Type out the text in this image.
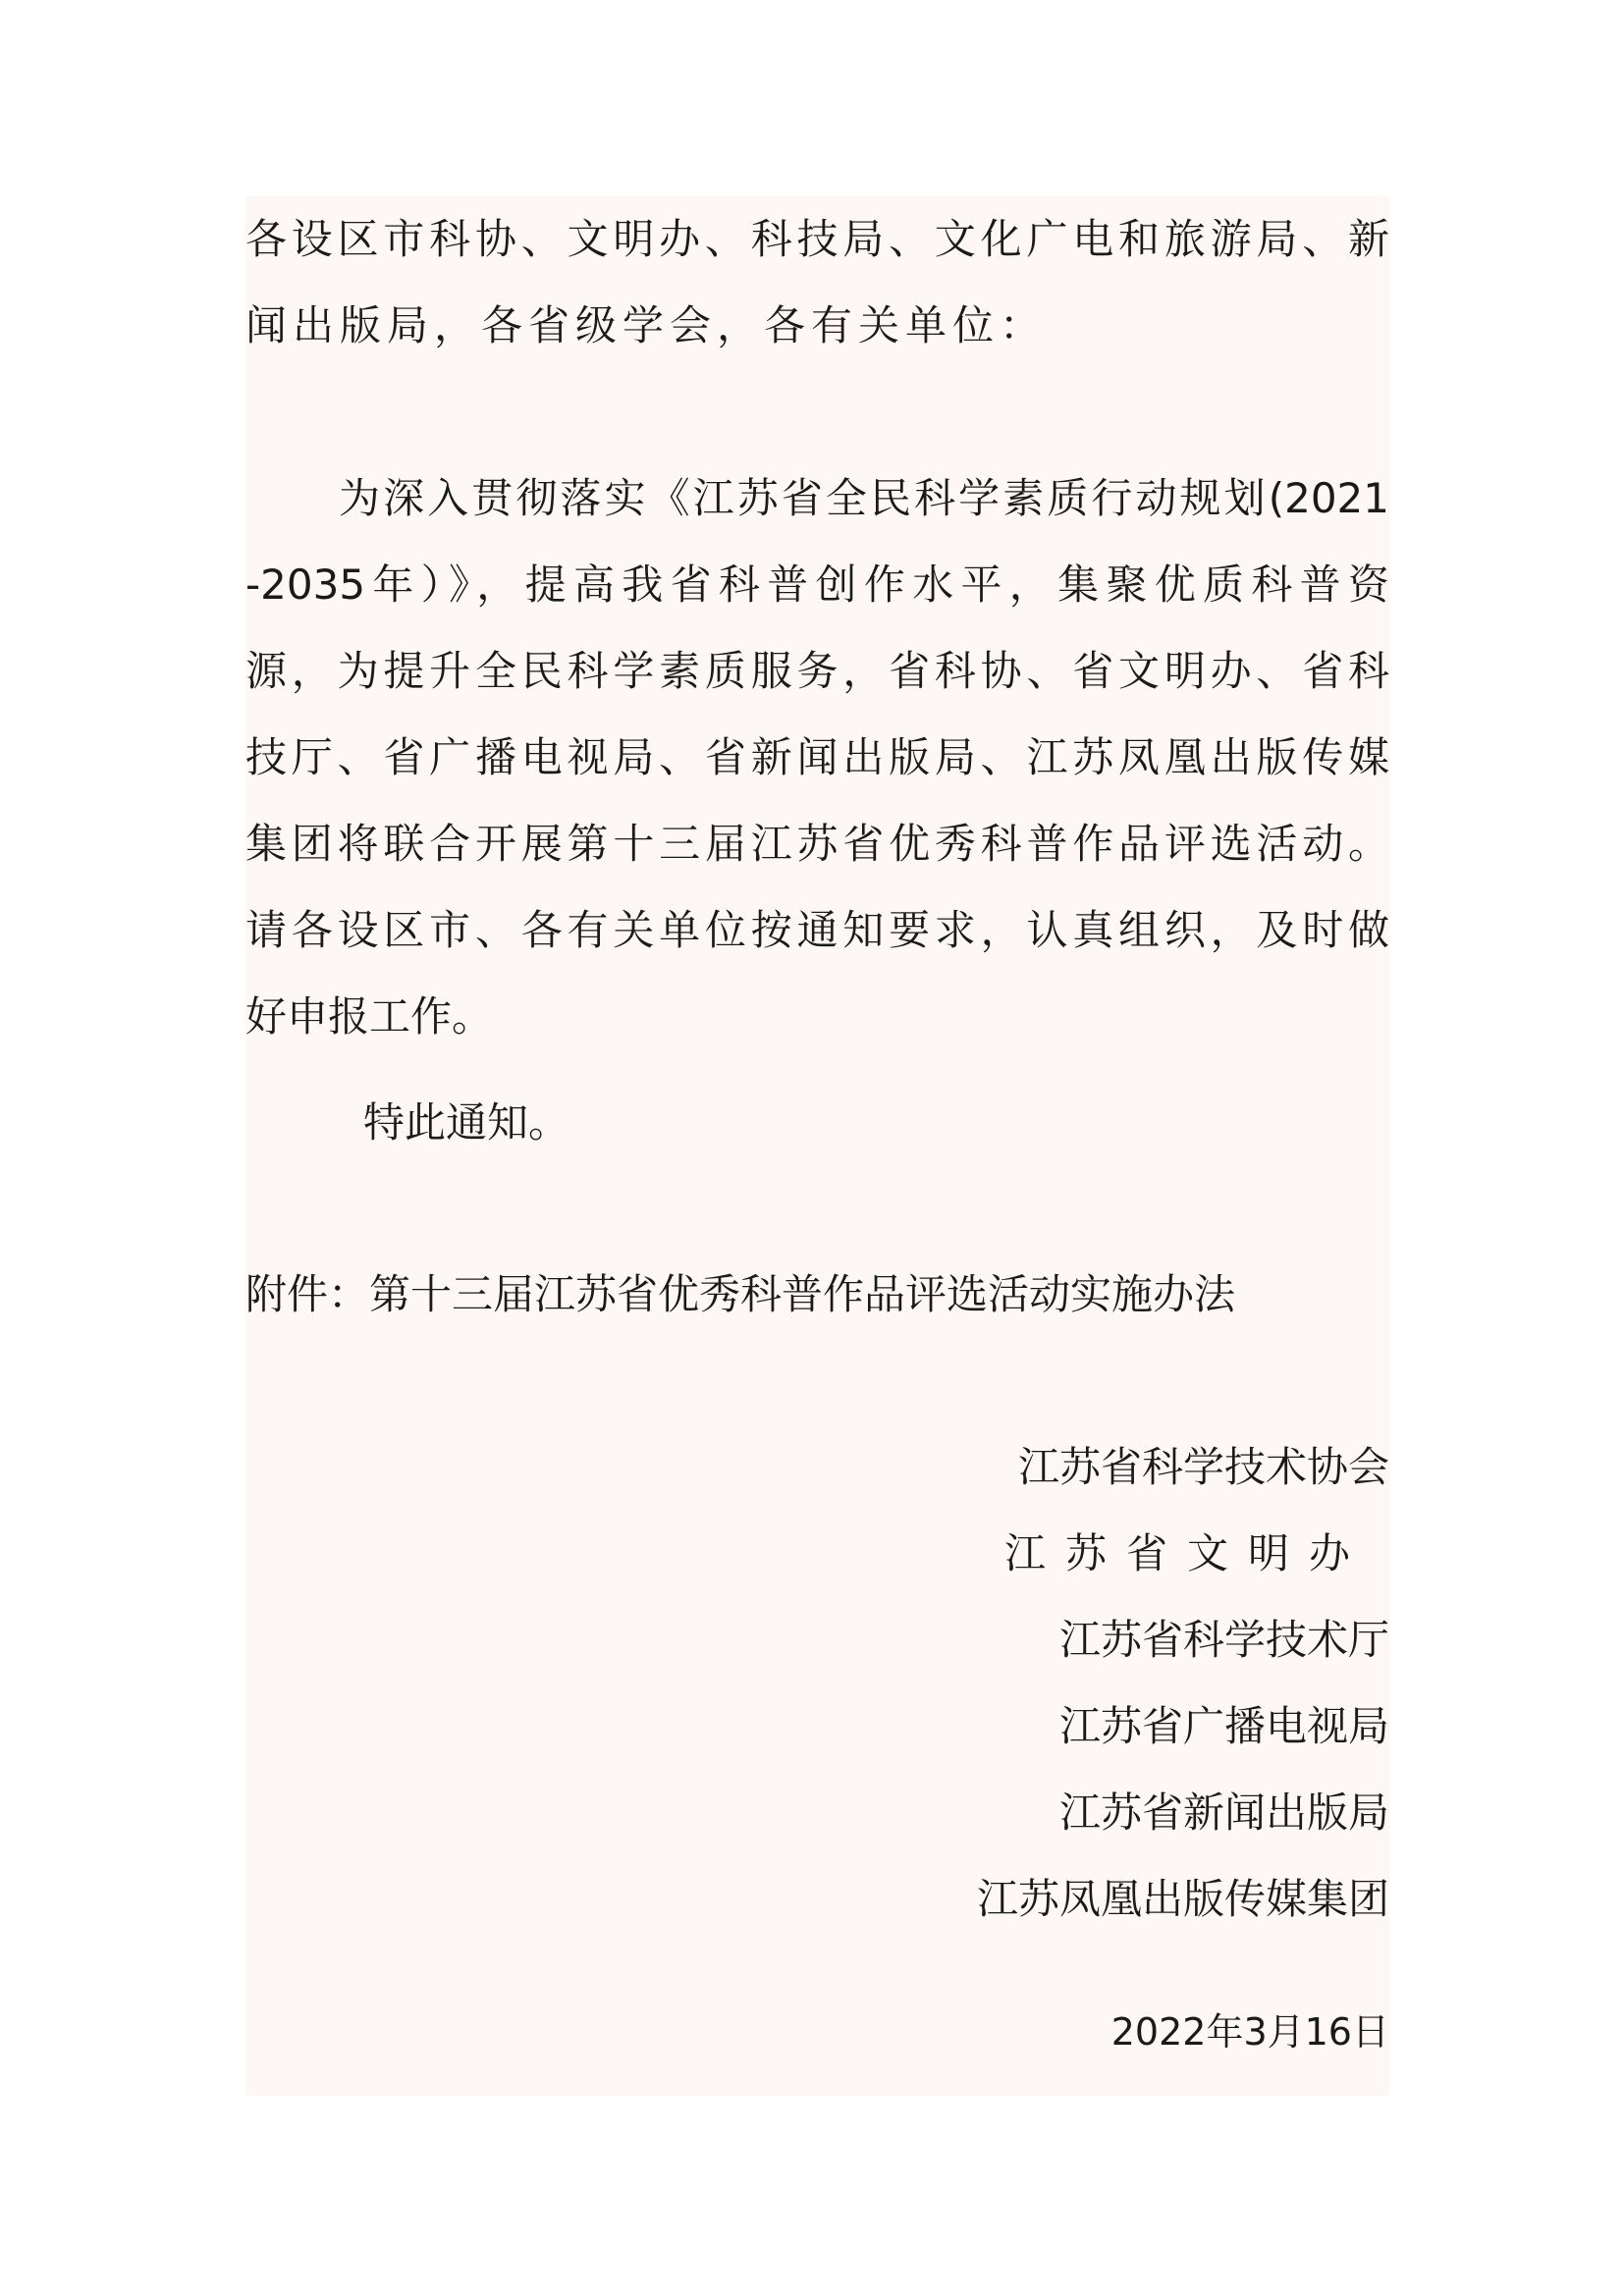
各设区市科协、文明办、科技局、文化广电和旅游局、新
闻出版局，各省级学会，各有关单位：
为深入贯彻落实《江苏省全民科学素质行动规划(2021
-2035年）》，提高我省科普创作水平，集聚优质科普资
源，为提升全民科学素质服务，省科协、省文明办、省科
技厅、省广播电视局、省新闻出版局、江苏凤凰出版传媒
集团将联合开展第十三届江苏省优秀科普作品评选活动。
请各设区市、各有关单位按通知要求，认真组织，及时做
好申报工作。
特此通知。
附件：第十三届江苏省优秀科普作品评选活动实施办法
江苏省科学技术协会
江苏省文明办
江苏省科学技术厅
江苏省广播电视局
江苏省新闻出版局
江苏凤凰出版传媒集团
2022年3月16日
